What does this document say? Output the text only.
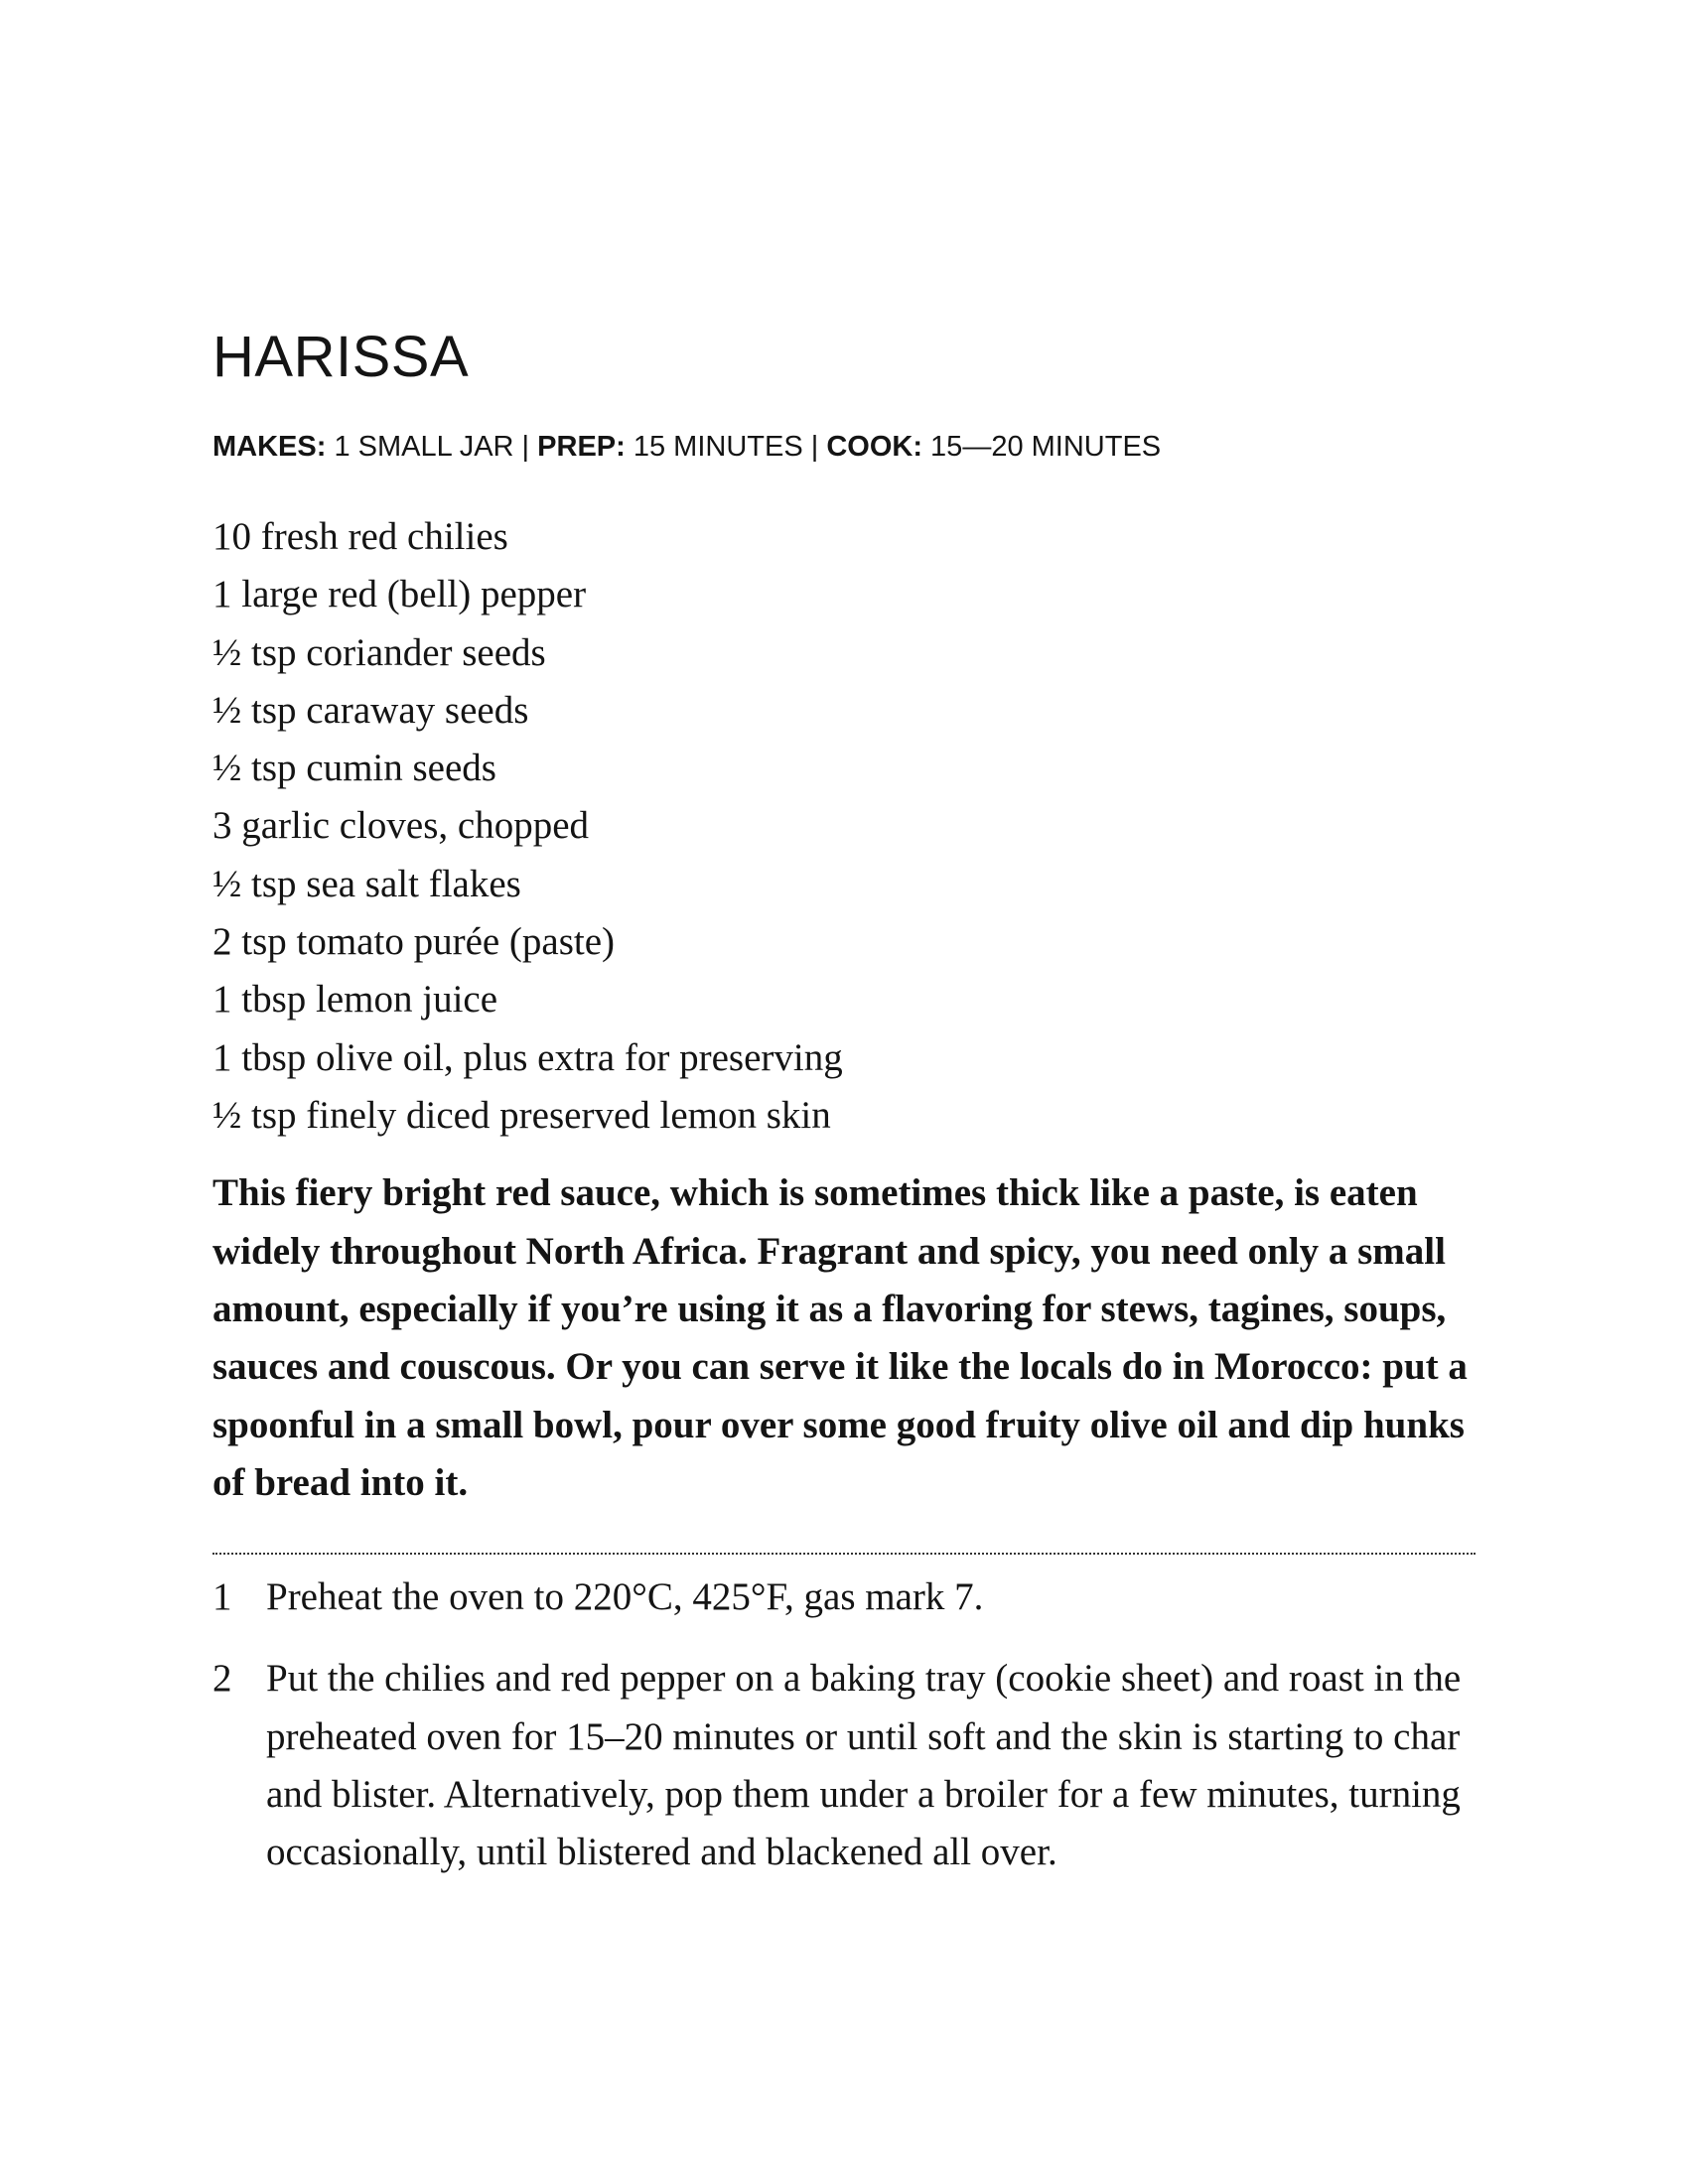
HARISSA
MAKES: 1 SMALL JAR | PREP: 15 MINUTES | COOK: 15—20 MINUTES
10 fresh red chilies
1 large red (bell) pepper
½ tsp coriander seeds
½ tsp caraway seeds
½ tsp cumin seeds
3 garlic cloves, chopped
½ tsp sea salt flakes
2 tsp tomato purée (paste)
1 tbsp lemon juice
1 tbsp olive oil, plus extra for preserving
½ tsp finely diced preserved lemon skin

This fiery bright red sauce, which is sometimes thick like a paste, is eaten widely throughout North Africa. Fragrant and spicy, you need only a small amount, especially if you’re using it as a flavoring for stews, tagines, soups, sauces and couscous. Or you can serve it like the locals do in Morocco: put a spoonful in a small bowl, pour over some good fruity olive oil and dip hunks of bread into it.

1 Preheat the oven to 220°C, 425°F, gas mark 7.
2 Put the chilies and red pepper on a baking tray (cookie sheet) and roast in the preheated oven for 15–20 minutes or until soft and the skin is starting to char and blister. Alternatively, pop them under a broiler for a few minutes, turning occasionally, until blistered and blackened all over.
